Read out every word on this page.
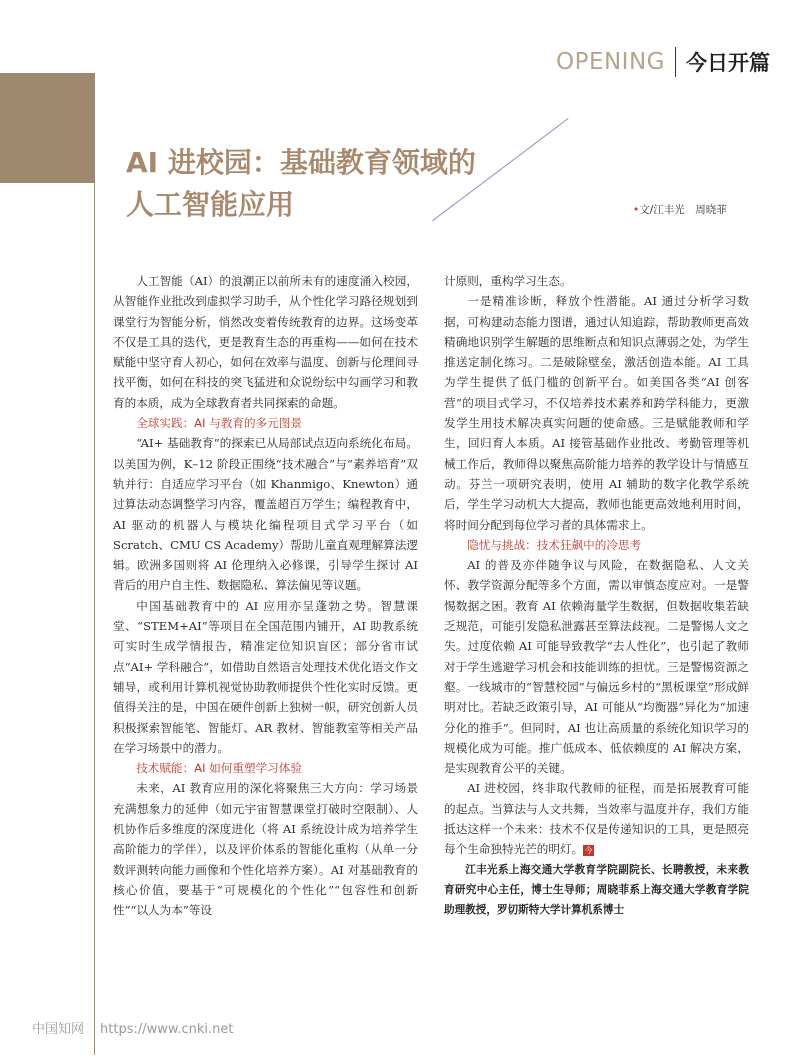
OPENING 今日开篇
AI 进校园：基础教育领域的
人工智能应用	•文/江丰光　周晓菲

人工智能（AI）的浪潮正以前所未有的速度涌入校园，从智能作业批改到虚拟学习助手，从个性化学习路径规划到课堂行为智能分析，悄然改变着传统教育的边界。这场变革不仅是工具的迭代，更是教育生态的再重构——如何在技术赋能中坚守育人初心，如何在效率与温度、创新与伦理间寻找平衡，如何在科技的突飞猛进和众说纷纭中勾画学习和教育的本质，成为全球教育者共同探索的命题。

全球实践：AI 与教育的多元图景

“AI+ 基础教育”的探索已从局部试点迈向系统化布局。以美国为例，K–12 阶段正围绕“技术融合”与“素养培育”双轨并行：自适应学习平台（如 Khanmigo、Knewton）通过算法动态调整学习内容，覆盖超百万学生；编程教育中，AI 驱动的机器人与模块化编程项目式学习平台（如 Scratch、CMU CS Academy）帮助儿童直观理解算法逻辑。欧洲多国则将 AI 伦理纳入必修课，引导学生探讨 AI 背后的用户自主性、数据隐私、算法偏见等议题。

中国基础教育中的 AI 应用亦呈蓬勃之势。智慧课堂、“STEM+AI”等项目在全国范围内铺开，AI 助教系统可实时生成学情报告，精准定位知识盲区；部分省市试点“AI+ 学科融合”，如借助自然语言处理技术优化语文作文辅导，或利用计算机视觉协助教师提供个性化实时反馈。更值得关注的是，中国在硬件创新上独树一帜，研究创新人员积极探索智能笔、智能灯、AR 教材、智能教室等相关产品在学习场景中的潜力。

技术赋能：AI 如何重塑学习体验

未来，AI 教育应用的深化将聚焦三大方向：学习场景充满想象力的延伸（如元宇宙智慧课堂打破时空限制）、人机协作后多维度的深度进化（将 AI 系统设计成为培养学生高阶能力的学伴），以及评价体系的智能化重构（从单一分数评测转向能力画像和个性化培养方案）。AI 对基础教育的核心价值，要基于“可规模化的个性化”“包容性和创新性”“以人为本”等设

计原则，重构学习生态。

一是精准诊断，释放个性潜能。AI 通过分析学习数据，可构建动态能力图谱，通过认知追踪，帮助教师更高效精确地识别学生解题的思维断点和知识点薄弱之处，为学生推送定制化练习。二是破除壁垒，激活创造本能。AI 工具为学生提供了低门槛的创新平台。如美国各类“AI 创客营”的项目式学习，不仅培养技术素养和跨学科能力，更激发学生用技术解决真实问题的使命感。三是赋能教师和学生，回归育人本质。AI 接管基础作业批改、考勤管理等机械工作后，教师得以聚焦高阶能力培养的教学设计与情感互动。芬兰一项研究表明，使用 AI 辅助的数字化教学系统后，学生学习动机大大提高，教师也能更高效地利用时间，将时间分配到每位学习者的具体需求上。

隐忧与挑战：技术狂飙中的冷思考

AI 的普及亦伴随争议与风险，在数据隐私、人文关怀、教学资源分配等多个方面，需以审慎态度应对。一是警惕数据之困。教育 AI 依赖海量学生数据，但数据收集若缺乏规范，可能引发隐私泄露甚至算法歧视。二是警惕人文之失。过度依赖 AI 可能导致教学“去人性化”，也引起了教师对于学生逃避学习机会和技能训练的担忧。三是警惕资源之壑。一线城市的“智慧校园”与偏远乡村的“黑板课堂”形成鲜明对比。若缺乏政策引导，AI 可能从“均衡器”异化为“加速分化的推手”。但同时，AI 也让高质量的系统化知识学习的规模化成为可能。推广低成本、低依赖度的 AI 解决方案，是实现教育公平的关键。

AI 进校园，终非取代教师的征程，而是拓展教育可能的起点。当算法与人文共舞，当效率与温度并存，我们方能抵达这样一个未来：技术不仅是传递知识的工具，更是照亮每个生命独特光芒的明灯。 今

江丰光系上海交通大学教育学院副院长、长聘教授，未来教育研究中心主任，博士生导师；周晓菲系上海交通大学教育学院助理教授，罗切斯特大学计算机系博士

中国知网 https://www.cnki.net
